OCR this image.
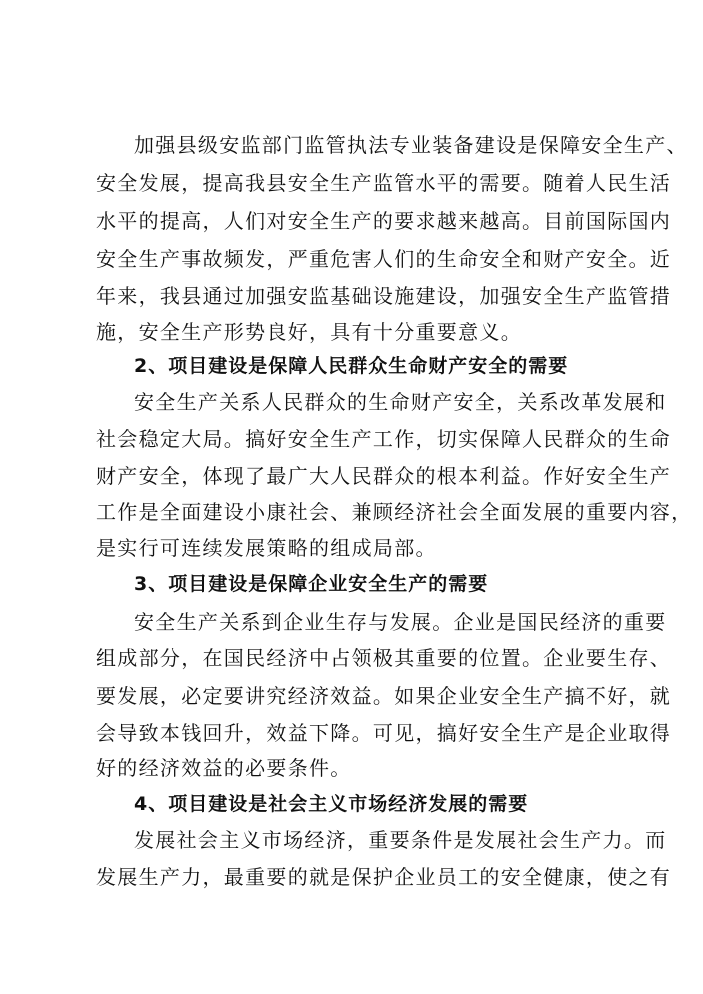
加强县级安监部门监管执法专业装备建设是保障安全生产、
安全发展，提高我县安全生产监管水平的需要。随着人民生活
水平的提高，人们对安全生产的要求越来越高。目前国际国内
安全生产事故频发，严重危害人们的生命安全和财产安全。近
年来，我县通过加强安监基础设施建设，加强安全生产监管措
施，安全生产形势良好，具有十分重要意义。
2、项目建设是保障人民群众生命财产安全的需要
安全生产关系人民群众的生命财产安全，关系改革发展和
社会稳定大局。搞好安全生产工作，切实保障人民群众的生命
财产安全，体现了最广大人民群众的根本利益。作好安全生产
工作是全面建设小康社会、兼顾经济社会全面发展的重要内容，
是实行可连续发展策略的组成局部。
3、项目建设是保障企业安全生产的需要
安全生产关系到企业生存与发展。企业是国民经济的重要
组成部分，在国民经济中占领极其重要的位置。企业要生存、
要发展，必定要讲究经济效益。如果企业安全生产搞不好，就
会导致本钱回升，效益下降。可见，搞好安全生产是企业取得
好的经济效益的必要条件。
4、项目建设是社会主义市场经济发展的需要
发展社会主义市场经济，重要条件是发展社会生产力。而
发展生产力，最重要的就是保护企业员工的安全健康，使之有
